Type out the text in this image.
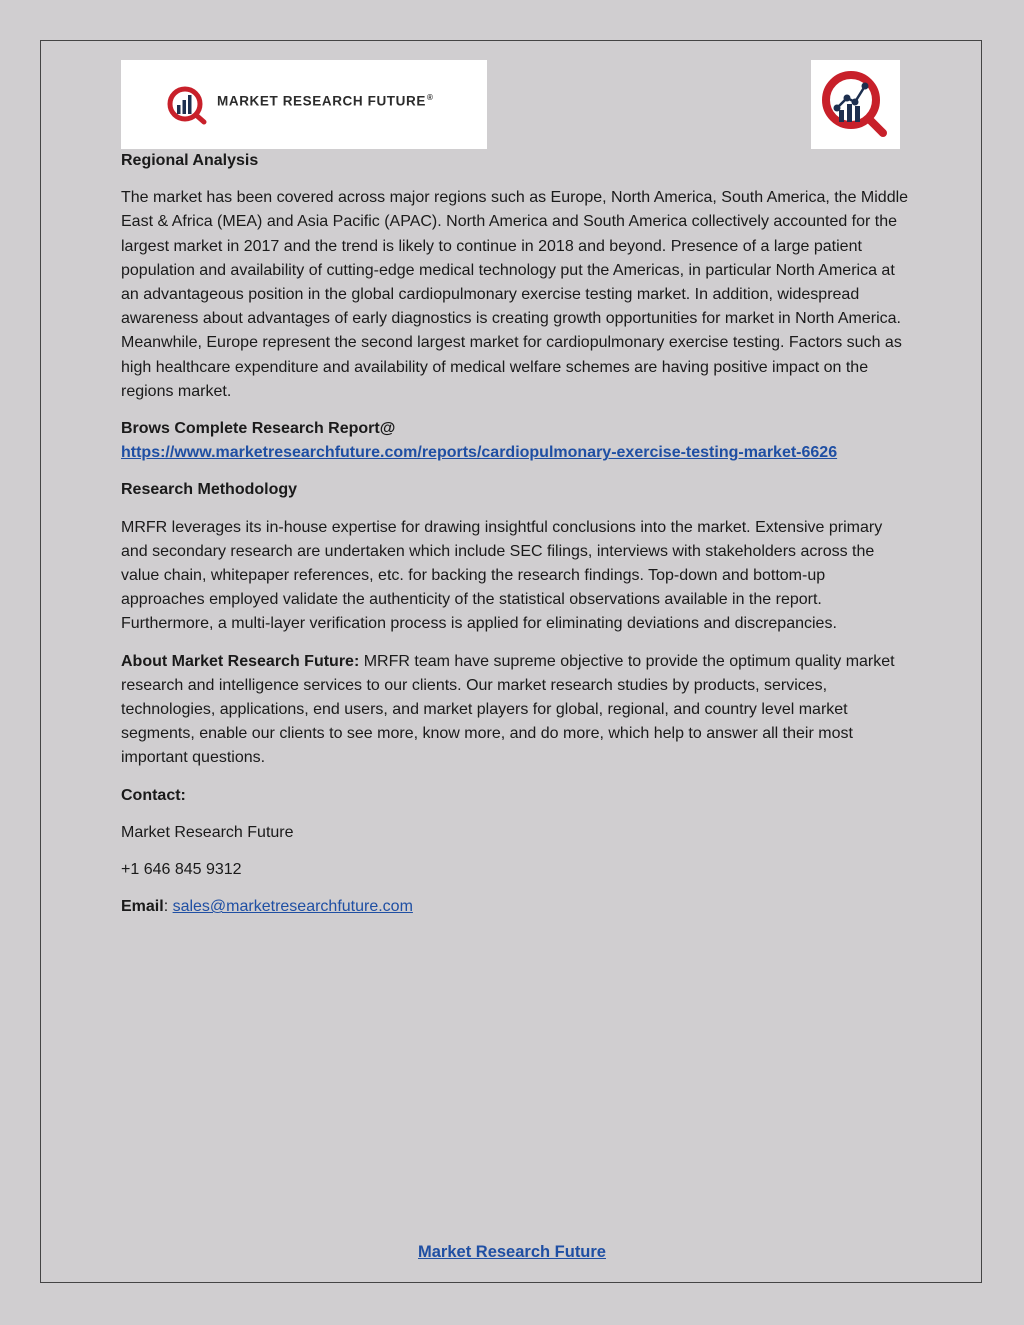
MARKET RESEARCH FUTURE®

Regional Analysis

The market has been covered across major regions such as Europe, North America, South America, the Middle East & Africa (MEA) and Asia Pacific (APAC). North America and South America collectively accounted for the largest market in 2017 and the trend is likely to continue in 2018 and beyond. Presence of a large patient population and availability of cutting-edge medical technology put the Americas, in particular North America at an advantageous position in the global cardiopulmonary exercise testing market. In addition, widespread awareness about advantages of early diagnostics is creating growth opportunities for market in North America. Meanwhile, Europe represent the second largest market for cardiopulmonary exercise testing. Factors such as high healthcare expenditure and availability of medical welfare schemes are having positive impact on the regions market.

Brows Complete Research Report@

https://www.marketresearchfuture.com/reports/cardiopulmonary-exercise-testing-market-6626

Research Methodology

MRFR leverages its in-house expertise for drawing insightful conclusions into the market. Extensive primary and secondary research are undertaken which include SEC filings, interviews with stakeholders across the value chain, whitepaper references, etc. for backing the research findings. Top-down and bottom-up approaches employed validate the authenticity of the statistical observations available in the report. Furthermore, a multi-layer verification process is applied for eliminating deviations and discrepancies.

About Market Research Future: MRFR team have supreme objective to provide the optimum quality market research and intelligence services to our clients. Our market research studies by products, services, technologies, applications, end users, and market players for global, regional, and country level market segments, enable our clients to see more, know more, and do more, which help to answer all their most important questions.

Contact:

Market Research Future

+1 646 845 9312

Email: sales@marketresearchfuture.com

Market Research Future
